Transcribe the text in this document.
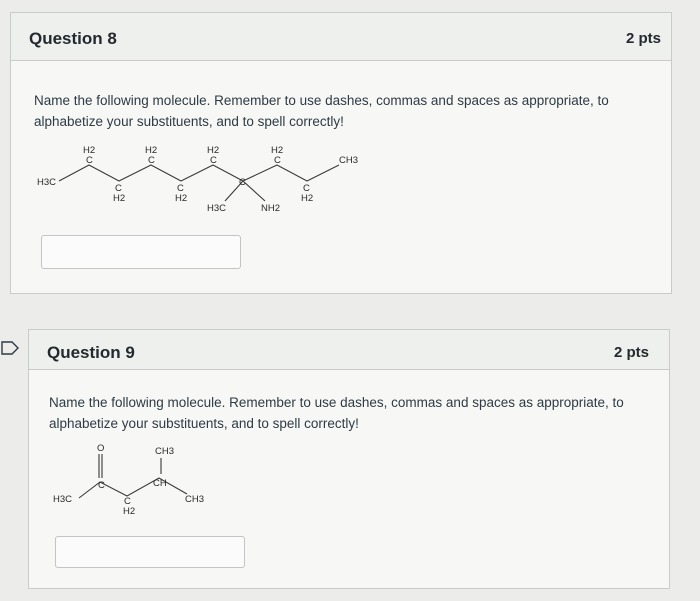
Question 8	2 pts
Name the following molecule. Remember to use dashes, commas and spaces as appropriate, to
alphabetize your substituents, and to spell correctly!
H3C
H2
C
H2
C
H2
C
H2
C
C
H2
C
H2
C
C
H2
H3C	NH2
CH3
Question 9	2 pts
Name the following molecule. Remember to use dashes, commas and spaces as appropriate, to
alphabetize your substituents, and to spell correctly!
O
C
CH3
CH
H3C	C
H2
CH3
